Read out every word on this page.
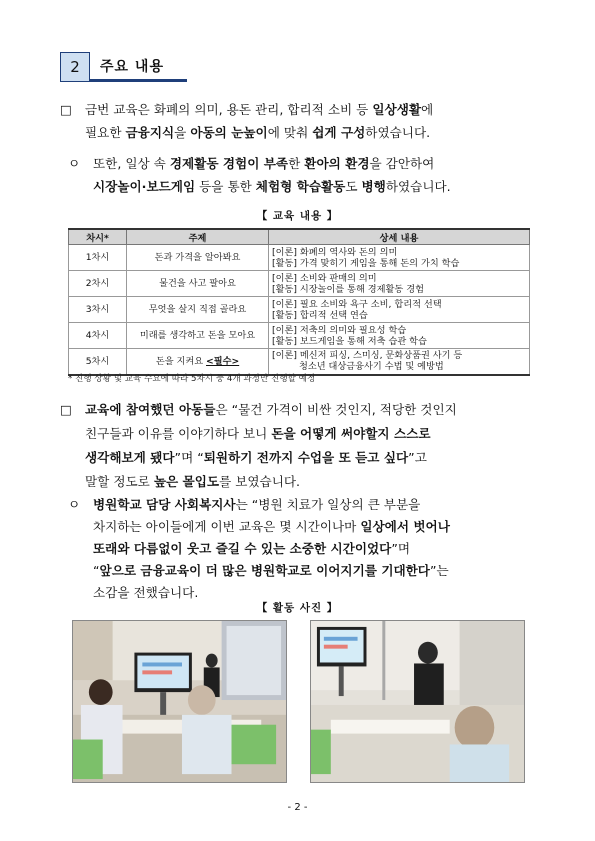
2	주요 내용
□ 금번 교육은 화폐의 의미, 용돈 관리, 합리적 소비 등 일상생활에
필요한 금융지식을 아동의 눈높이에 맞춰 쉽게 구성하였습니다.
ㅇ 또한, 일상 속 경제활동 경험이 부족한 환아의 환경을 감안하여
시장놀이·보드게임 등을 통한 체험형 학습활동도 병행하였습니다.
【 교육 내용 】
차시*	주제	상세 내용
1차시	돈과 가격을 알아봐요	[이론] 화폐의 역사와 돈의 의미
[활동] 가격 맞히기 게임을 통해 돈의 가치 학습

2차시	물건을 사고 팔아요	[이론] 소비와 판매의 의미
[활동] 시장놀이를 통해 경제활동 경험

3차시	무엇을 살지 직접 골라요	[이론] 필요 소비와 욕구 소비, 합리적 선택
[활동] 합리적 선택 연습

4차시	미래를 생각하고 돈을 모아요	[이론] 저축의 의미와 필요성 학습
[활동] 보드게임을 통해 저축 습관 학습

5차시	돈을 지켜요 <필수>	[이론] 메신저 피싱, 스미싱, 문화상품권 사기 등
청소년 대상금융사기 수법 및 예방법
* 진행 상황 및 교육 수요에 따라 5차시 중 4개 과정만 진행할 예정
□ 교육에 참여했던 아동들은 “물건 가격이 비싼 것인지, 적당한 것인지
친구들과 이유를 이야기하다 보니 돈을 어떻게 써야할지 스스로
생각해보게 됐다”며 “퇴원하기 전까지 수업을 또 듣고 싶다”고
말할 정도로 높은 몰입도를 보였습니다.
ㅇ 병원학교 담당 사회복지사는 “병원 치료가 일상의 큰 부분을
차지하는 아이들에게 이번 교육은 몇 시간이나마 일상에서 벗어나
또래와 다름없이 웃고 즐길 수 있는 소중한 시간이었다”며
“앞으로 금융교육이 더 많은 병원학교로 이어지기를 기대한다”는
소감을 전했습니다.
【 활동 사진 】
- 2 -
